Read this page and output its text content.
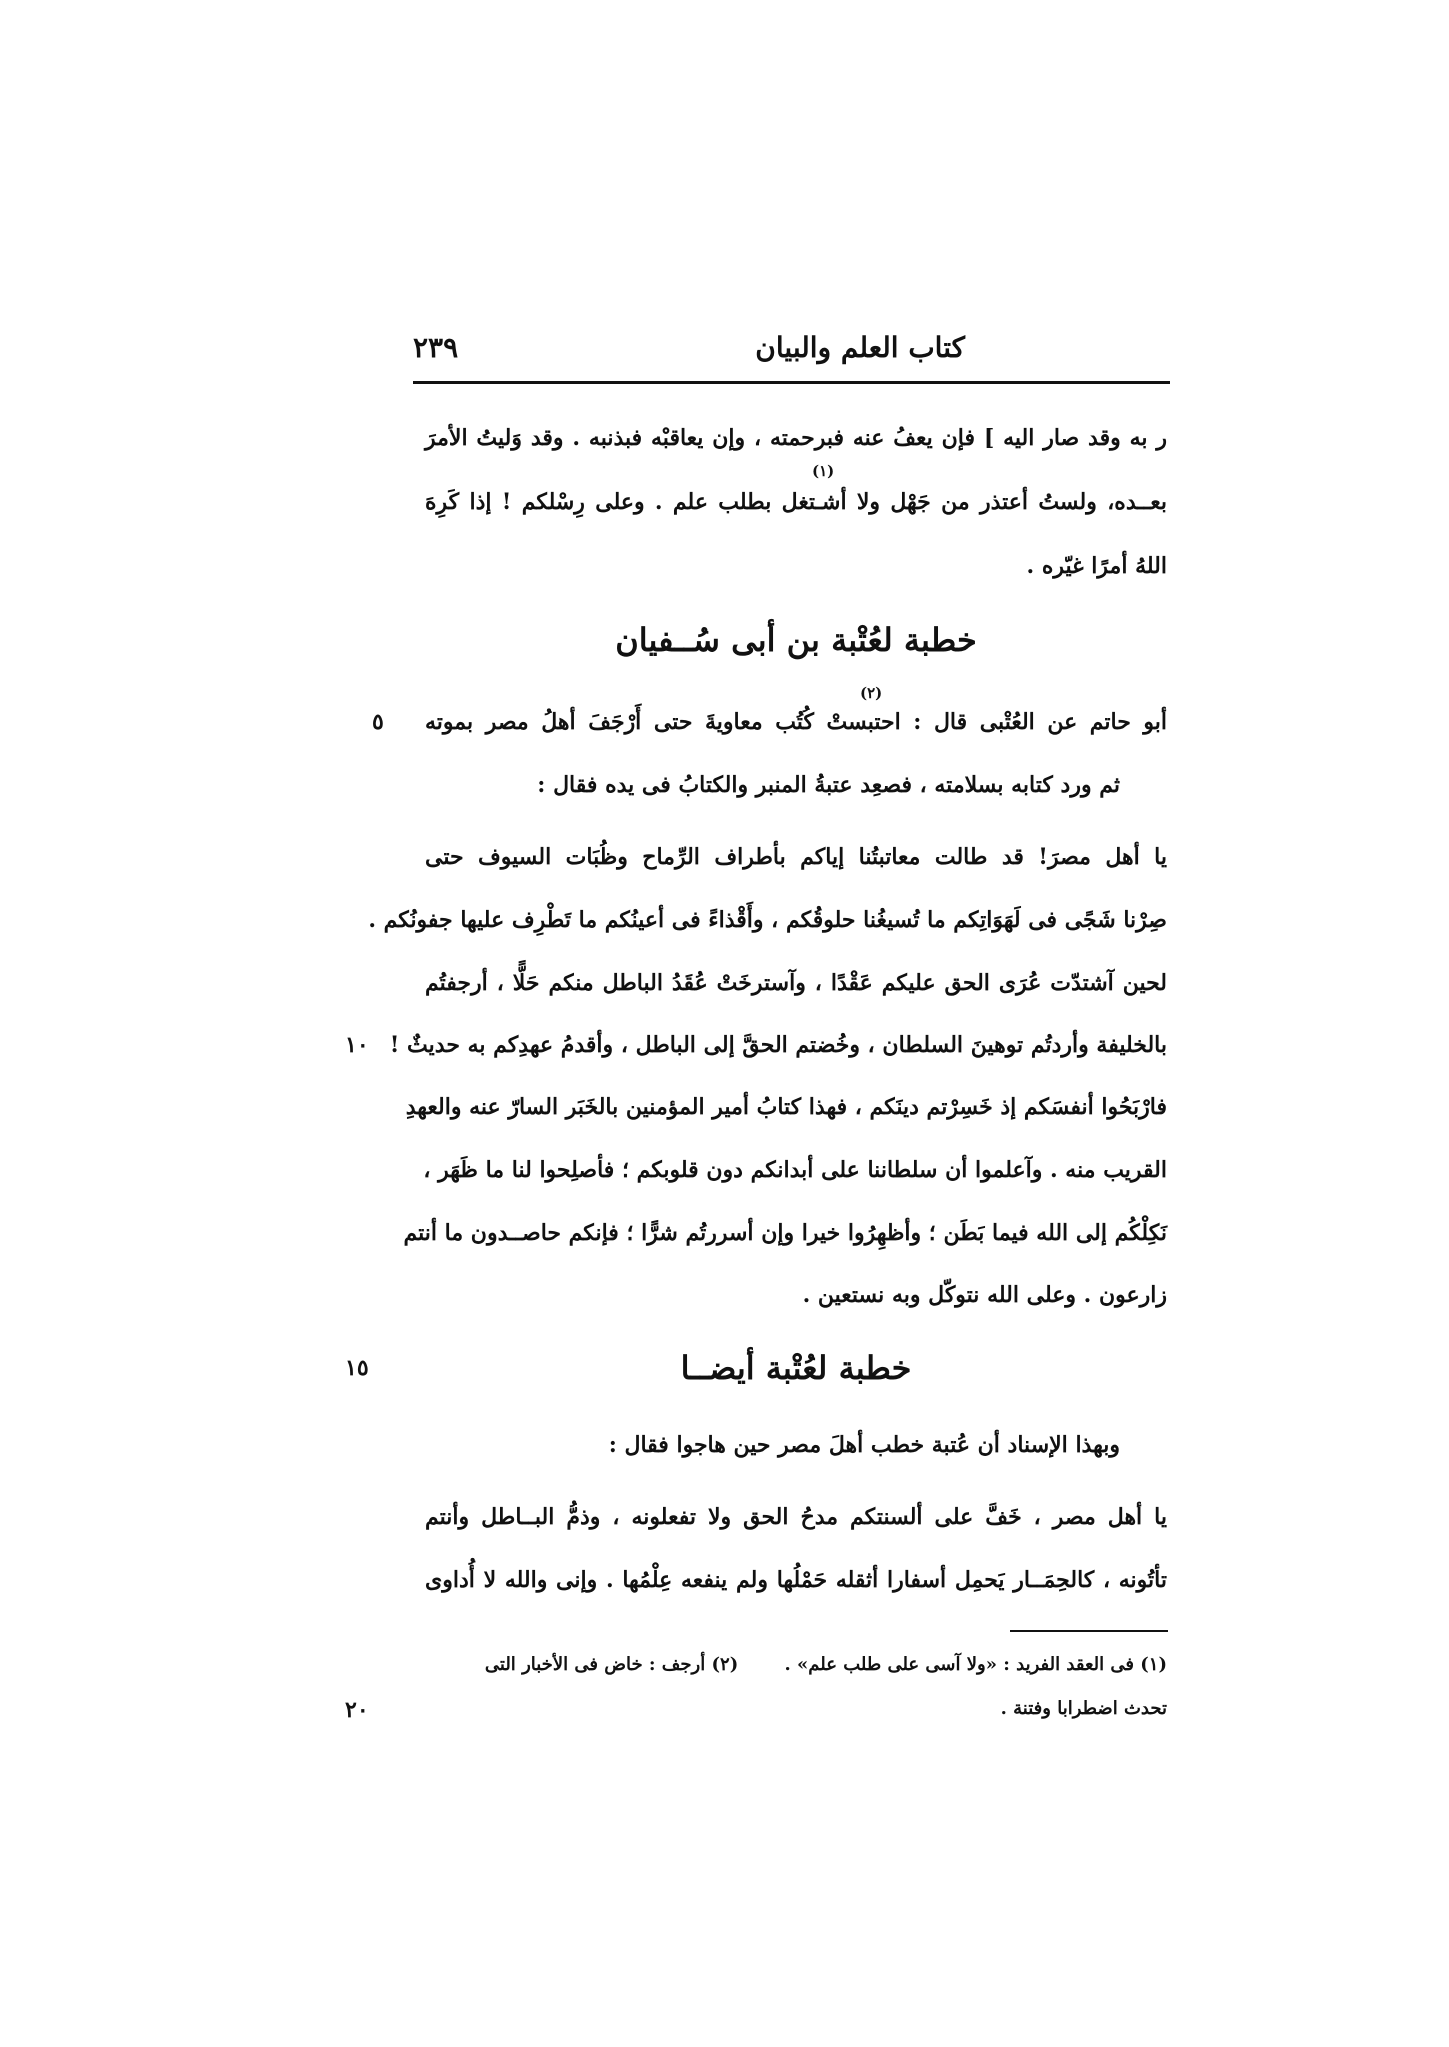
كتاب العلم والبيان
٢٣٩
ر به وقد صار اليه ] فإن يعفُ عنه فبرحمته ، وإن يعاقبْه فبذنبه . وقد وَليتُ الأمرَ
(١)
بعــده، ولستُ أعتذر من جَهْل ولا أشـتغل بطلب علم . وعلى رِسْلكم ! إذا كَرِهَ
اللهُ أمرًا غيّره .
خطبة لعُتْبة بن أبى سُــفيان
(٢)
أبو حاتم عن العُتْبى قال : احتبستْ كُتُب معاويةَ حتى أَرْجَفَ أهلُ مصر بموته
٥
ثم ورد كتابه بسلامته ، فصعِد عتبةُ المنبر والكتابُ فى يده فقال :
يا أهل مصرَ! قد طالت معاتبتُنا إياكم بأطراف الرِّماح وظُبَات السيوف حتى
صِرْنا شَجًى فى لَهَوَاتِكم ما تُسيغُنا حلوقُكم ، وأَقْذاءً فى أعينُكم ما تَطْرِف عليها جفونُكم .
لحين آشتدّت عُرَى الحق عليكم عَقْدًا ، وآسترخَتْ عُقَدُ الباطل منكم حَلًّا ، أرجفتُم
بالخليفة وأردتُم توهينَ السلطان ، وخُضتم الحقَّ إلى الباطل ، وأقدمُ عهدِكم به حديثٌ !
١٠
فارْبَحُوا أنفسَكم إذ خَسِرْتم دينَكم ، فهذا كتابُ أمير المؤمنين بالخَبَر السارّ عنه والعهدِ
القريب منه . وآعلموا أن سلطاننا على أبدانكم دون قلوبكم ؛ فأصلِحوا لنا ما ظَهَر ،
نَكِلْكُم إلى الله فيما بَطَن ؛ وأظهِرُوا خيرا وإن أسررتُم شرًّا ؛ فإنكم حاصــدون ما أنتم
زارعون . وعلى الله نتوكّل وبه نستعين .
خطبة لعُتْبة أيضــا
١٥
وبهذا الإسناد أن عُتبة خطب أهلَ مصر حين هاجوا فقال :
يا أهل مصر ، خَفَّ على ألسنتكم مدحُ الحق ولا تفعلونه ، وذمُّ البــاطل وأنتم
تأتُونه ، كالحِمَــار يَحمِل أسفارا أثقله حَمْلُها ولم ينفعه عِلْمُها . وإنى والله لا أُداوى
(١) فى العقد الفريد : «ولا آسى على طلب علم» . (٢) أرجف : خاض فى الأخبار التى
تحدث اضطرابا وفتنة .
٢٠
